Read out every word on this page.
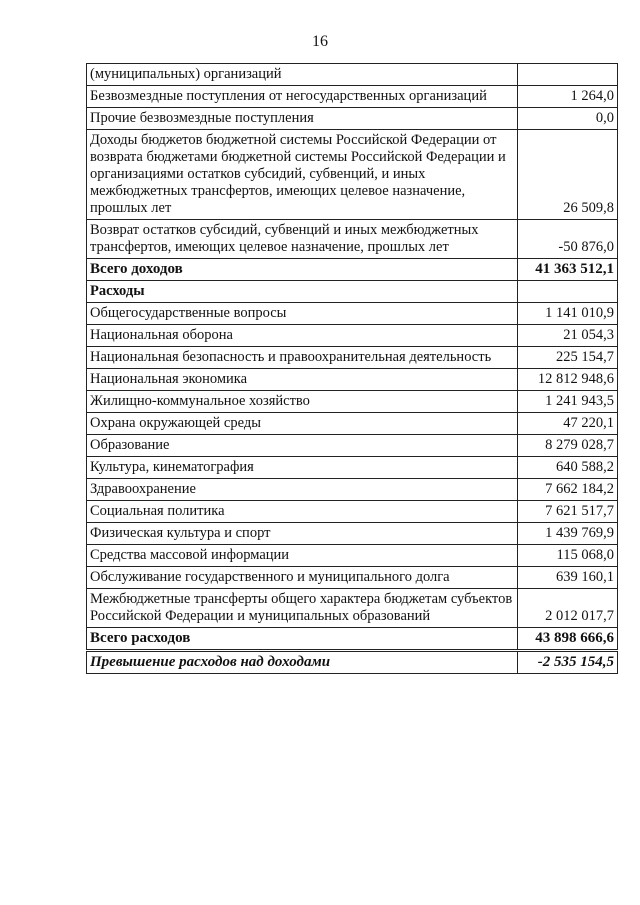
16
(муниципальных) организаций	
Безвозмездные поступления от негосударственных организаций	1 264,0
Прочие безвозмездные поступления	0,0
Доходы бюджетов бюджетной системы Российской Федерации от возврата бюджетами бюджетной системы Российской Федерации и организациями остатков субсидий, субвенций, и иных межбюджетных трансфертов, имеющих целевое назначение, прошлых лет	26 509,8
Возврат остатков субсидий, субвенций и иных межбюджетных трансфертов, имеющих целевое назначение, прошлых лет	-50 876,0
Всего доходов	41 363 512,1
Расходы	
Общегосударственные вопросы	1 141 010,9
Национальная оборона	21 054,3
Национальная безопасность и правоохранительная деятельность	225 154,7
Национальная экономика	12 812 948,6
Жилищно-коммунальное хозяйство	1 241 943,5
Охрана окружающей среды	47 220,1
Образование	8 279 028,7
Культура, кинематография	640 588,2
Здравоохранение	7 662 184,2
Социальная политика	7 621 517,7
Физическая культура и спорт	1 439 769,9
Средства массовой информации	115 068,0
Обслуживание государственного и муниципального долга	639 160,1
Межбюджетные трансферты общего характера бюджетам субъектов Российской Федерации и муниципальных образований	2 012 017,7
Всего расходов	43 898 666,6
Превышение расходов над доходами	-2 535 154,5
